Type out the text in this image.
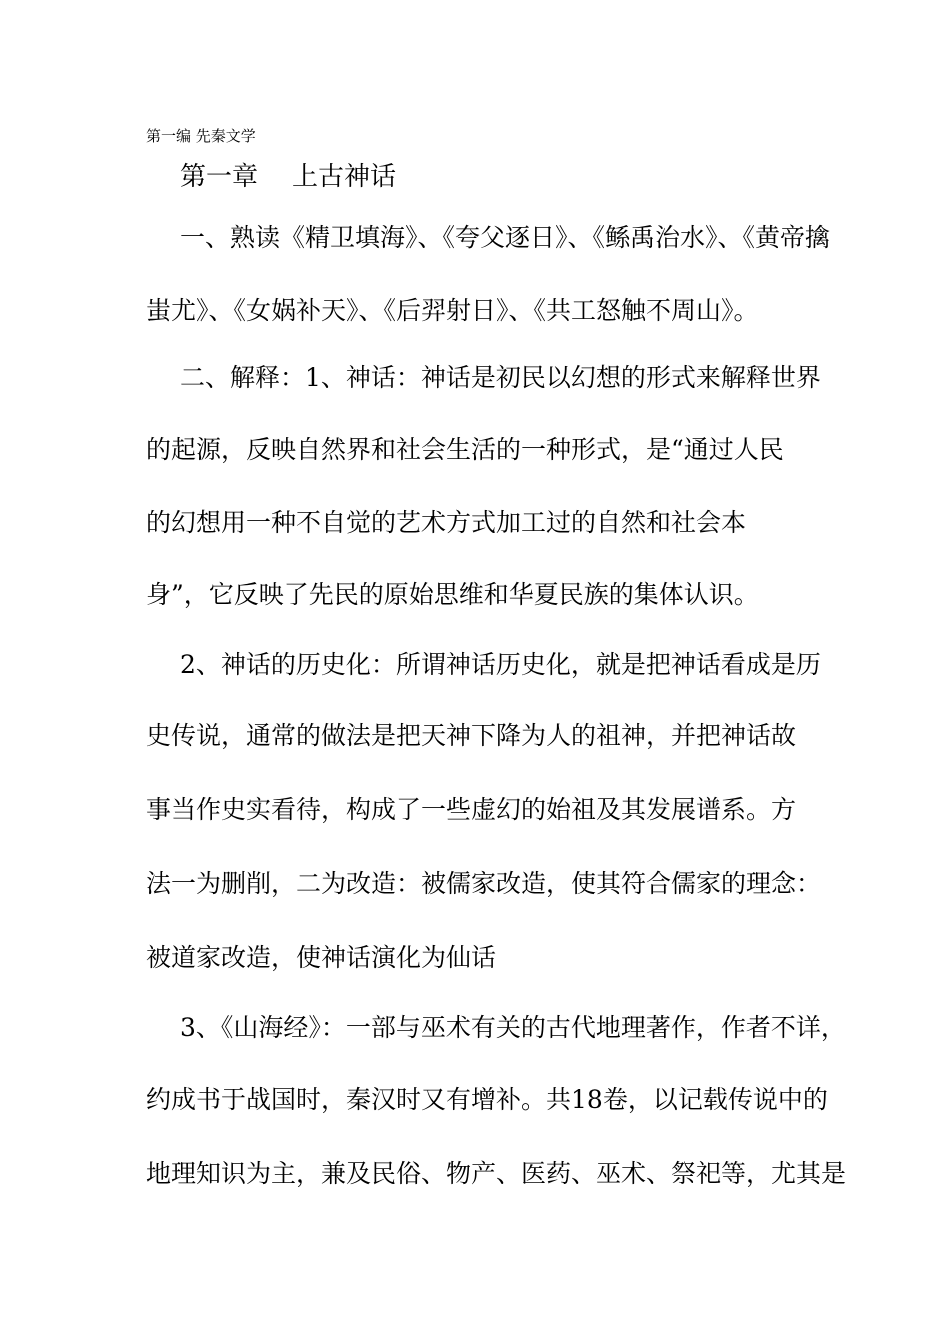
第一编 先秦文学
第一章 上古神话
一、熟读《精卫填海》、《夸父逐日》、《鲧禹治水》、《黄帝擒
蚩尤》、《女娲补天》、《后羿射日》、《共工怒触不周山》。
二、解释：1、神话：神话是初民以幻想的形式来解释世界
的起源，反映自然界和社会生活的一种形式，是“通过人民
的幻想用一种不自觉的艺术方式加工过的自然和社会本
身”，它反映了先民的原始思维和华夏民族的集体认识。
2、神话的历史化：所谓神话历史化，就是把神话看成是历
史传说，通常的做法是把天神下降为人的祖神，并把神话故
事当作史实看待，构成了一些虚幻的始祖及其发展谱系。方
法一为删削，二为改造：被儒家改造，使其符合儒家的理念：
被道家改造，使神话演化为仙话
3、《山海经》：一部与巫术有关的古代地理著作，作者不详，
约成书于战国时，秦汉时又有增补。共18卷，以记载传说中的
地理知识为主，兼及民俗、物产、医药、巫术、祭祀等，尤其是
